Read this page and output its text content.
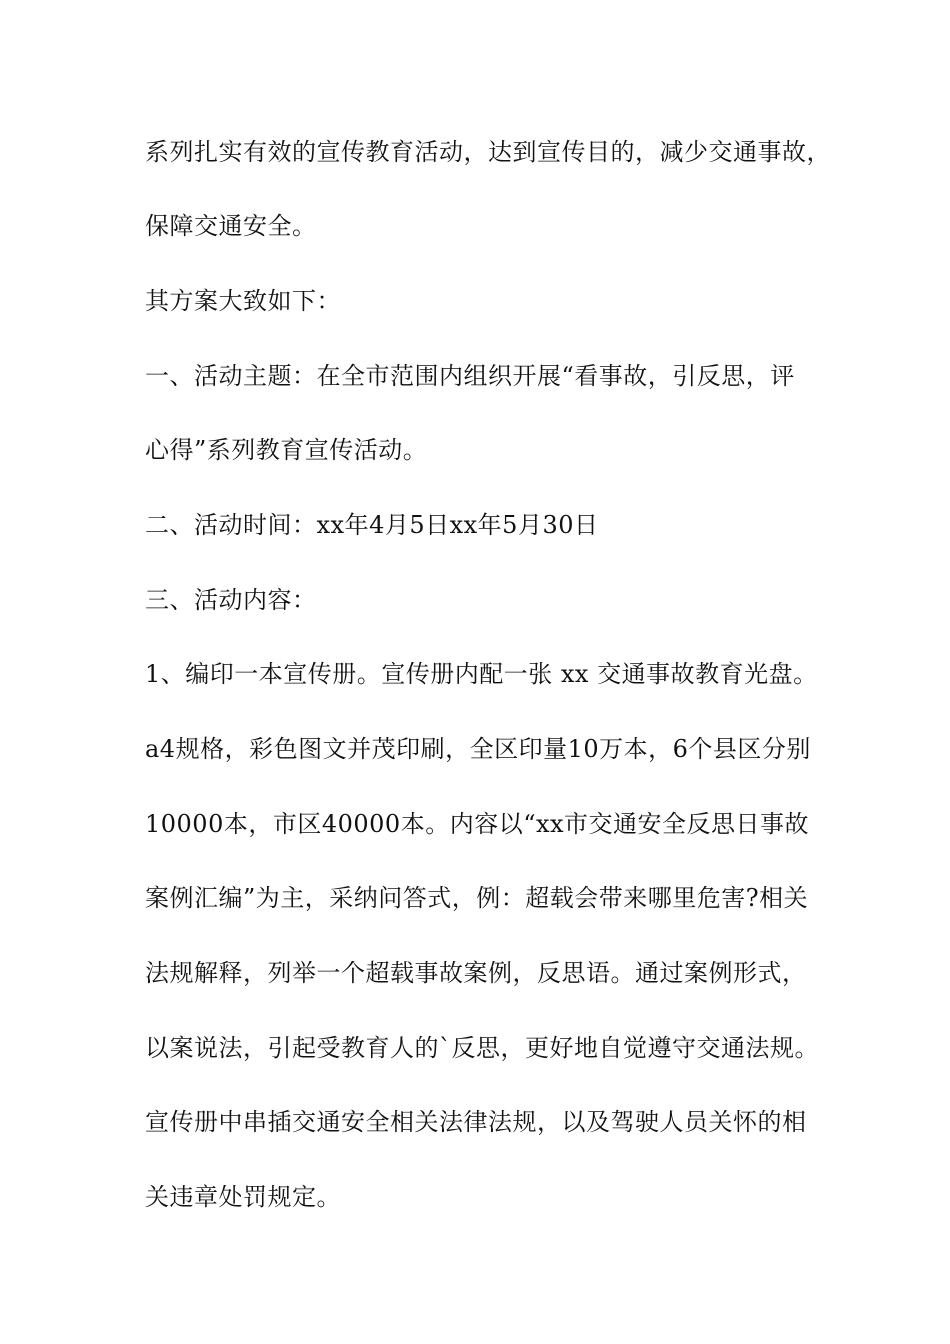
系列扎实有效的宣传教育活动，达到宣传目的，减少交通事故，
保障交通安全。
其方案大致如下：
一、活动主题：在全市范围内组织开展“看事故，引反思，评
心得”系列教育宣传活动。
二、活动时间：xx年4月5日xx年5月30日
三、活动内容：
1、编印一本宣传册。宣传册内配一张 xx 交通事故教育光盘。
a4规格，彩色图文并茂印刷，全区印量10万本，6个县区分别
10000本，市区40000本。内容以“xx市交通安全反思日事故
案例汇编”为主，采纳问答式，例：超载会带来哪里危害?相关
法规解释，列举一个超载事故案例，反思语。通过案例形式，
以案说法，引起受教育人的`反思，更好地自觉遵守交通法规。
宣传册中串插交通安全相关法律法规，以及驾驶人员关怀的相
关违章处罚规定。
